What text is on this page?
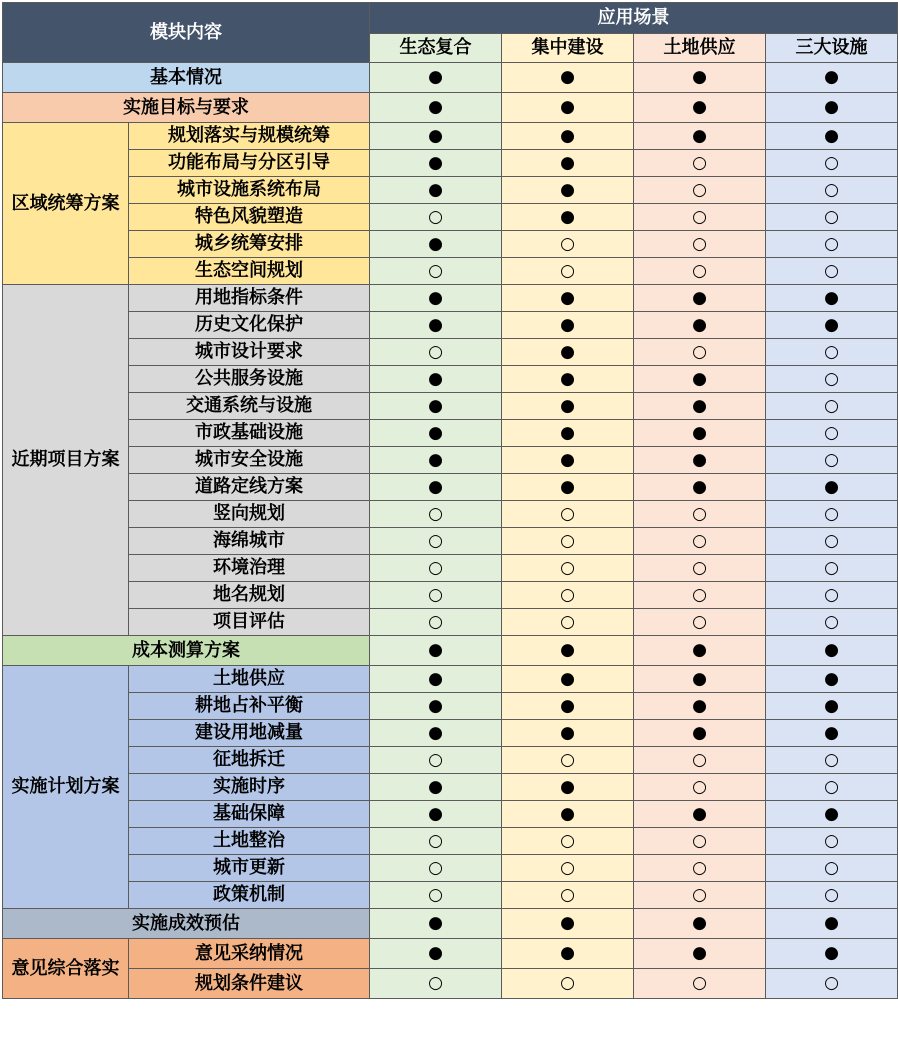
模块内容		应用场景			
		生态复合	集中建设	土地供应	三大设施
基本情况		●	●	●	●
实施目标与要求		●	●	●	●
区域统筹方案	规划落实与规模统筹	●	●	●	●
	功能布局与分区引导	●	●	○	○
	城市设施系统布局	●	●	○	○
	特色风貌塑造	○	●	○	○
	城乡统筹安排	●	○	○	○
	生态空间规划	○	○	○	○
近期项目方案	用地指标条件	●	●	●	●
	历史文化保护	●	●	●	●
	城市设计要求	○	●	○	○
	公共服务设施	●	●	●	○
	交通系统与设施	●	●	●	○
	市政基础设施	●	●	●	○
	城市安全设施	●	●	●	○
	道路定线方案	●	●	●	●
	竖向规划	○	○	○	○
	海绵城市	○	○	○	○
	环境治理	○	○	○	○
	地名规划	○	○	○	○
	项目评估	○	○	○	○
成本测算方案		●	●	●	●
实施计划方案	土地供应	●	●	●	●
	耕地占补平衡	●	●	●	●
	建设用地减量	●	●	●	●
	征地拆迁	○	○	○	○
	实施时序	●	●	○	○
	基础保障	●	●	●	●
	土地整治	○	○	○	○
	城市更新	○	○	○	○
	政策机制	○	○	○	○
实施成效预估		●	●	●	●
意见综合落实	意见采纳情况	●	●	●	●
	规划条件建议	○	○	○	○
